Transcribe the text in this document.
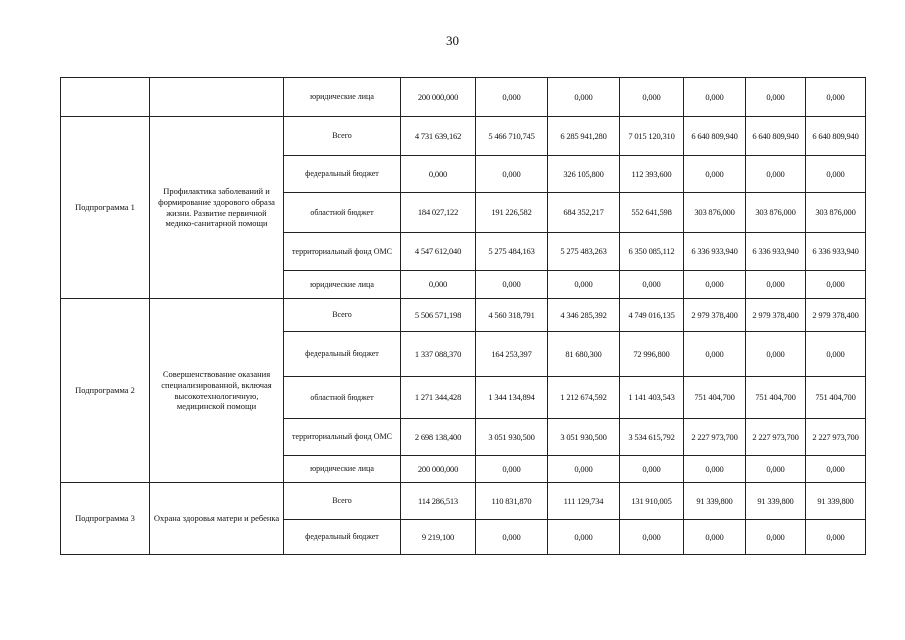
30
		юридические лица	200 000,000	0,000	0,000	0,000	0,000	0,000	0,000
Подпрограмма 1	Профилактика заболеваний и формирование здорового образа жизни. Развитие первичной медико-санитарной помощи	Всего	4 731 639,162	5 466 710,745	6 285 941,280	7 015 120,310	6 640 809,940	6 640 809,940	6 640 809,940
		федеральный бюджет	0,000	0,000	326 105,800	112 393,600	0,000	0,000	0,000
		областной бюджет	184 027,122	191 226,582	684 352,217	552 641,598	303 876,000	303 876,000	303 876,000
		территориальный фонд ОМС	4 547 612,040	5 275 484,163	5 275 483,263	6 350 085,112	6 336 933,940	6 336 933,940	6 336 933,940
		юридические лица	0,000	0,000	0,000	0,000	0,000	0,000	0,000
Подпрограмма 2	Совершенствование оказания специализированной, включая высокотехнологичную, медицинской помощи	Всего	5 506 571,198	4 560 318,791	4 346 285,392	4 749 016,135	2 979 378,400	2 979 378,400	2 979 378,400
		федеральный бюджет	1 337 088,370	164 253,397	81 680,300	72 996,800	0,000	0,000	0,000
		областной бюджет	1 271 344,428	1 344 134,894	1 212 674,592	1 141 403,543	751 404,700	751 404,700	751 404,700
		территориальный фонд ОМС	2 698 138,400	3 051 930,500	3 051 930,500	3 534 615,792	2 227 973,700	2 227 973,700	2 227 973,700
		юридические лица	200 000,000	0,000	0,000	0,000	0,000	0,000	0,000
Подпрограмма 3	Охрана здоровья матери и ребенка	Всего	114 286,513	110 831,870	111 129,734	131 910,005	91 339,800	91 339,800	91 339,800
		федеральный бюджет	9 219,100	0,000	0,000	0,000	0,000	0,000	0,000
